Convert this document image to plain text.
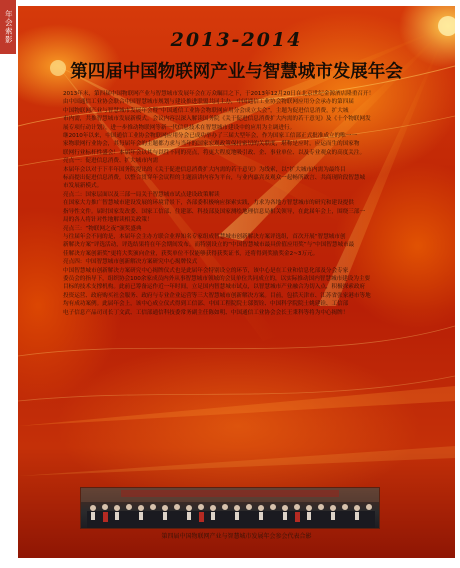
年会索影	2013-2014
第四届中国物联网产业与智慧城市发展年会

2013年末，第四届中国物联网产业与智慧城市发展年会在万众瞩目之下，于2013年12月20日在北京世纪金源酒店隆重召开！

由中国通信工业协会联合中国智慧城市规划与建设推进联盟共同主办，中国通信工业协会物联网应用分会承办的第四届

中国物联网产业与智慧城市发展年会暨“中国通信工业协会物联网应用分会成立大会”，主题为促进信息消费，扩大城

市内需，共推智慧城市发展新模式。会议内容以深入解读国务院《关于促进信息消费扩大内需的若干意见》及《十个物联网发

展专项行动计划》，进一步推动物联网等新一代信息技术在智慧城市建设中的应用为主调进行。

继2010年以来，中国通信工业协会物联网应用分会已成功举办了三届大型年会，作为国家工信部正式批准成立的唯一一

家物联网行业协会，其每届年会的主题都力求与当年的国家宏观政策保持密切的关联度，堪称是应时，应运而生的国家物

联网行业标杆性盛会！本届年会以其与以往不同的亮点，将更大程度地吸引政、企、事业单位、以及专业观众的高度关注。

亮点一：促进信息消费、扩大城市内需

本届年会以对于下半年国务院提出的《关于促进信息消费扩大内需的若干意见》为线索，以“扩大城市内需为最终目

标而提出促进信息消费，以整合贯穿年会议程的主题演讲内容为平台，与业内嘉宾及观众一起畅所欲言、共商现阶段智慧城

市发展新模式。

亮点二：国家层面以及三部一局关于智慧城市试点建设政策解读

在国家大力推广智慧城市建设发展的环境背景下，各部委积极响应探索实践，力求为各地方智慧城市的研究和建设提供

指导性文件。届时国家发改委、国家工信部、住建部、科技部及国家测绘地理信息局相关领导，在此届年会上，围绕三部一

局的各人将针对性地解读相关政策！

亮点三：“物联网之夜”颁奖盛典

与往届年会不同的是，本届年会主办方联合业界知名专家组成智慧城市创新解决方案评选组，首次开展“智慧城市创

新解决方案”评选活动，评选结果将在年会期间发布，而特别设立的“中国智慧城市最具价值应用奖”与“中国智慧城市最

佳解决方案创新奖”更将大奖颁向企业，获奖单位不仅能够获得获奖证书，还将得到奖励奖金2~3万元。

亮点四：中国智慧城市创新解决方案研究中心揭牌仪式

中国智慧城市创新解决方案研究中心揭牌仪式也是此届年会特别设立的环节，该中心是在工业和信息化部及分会专家

委员会的指导下，组织协会100余家成员内外从事智慧城市领域的会员单位共同成立的，以实际推动国内智慧城市建设为主要

目标的技术支撑机构。此前已筹备运作近一年时间，立足国内智慧城市试点，以智慧城市产业融合为切入点，积极探索政府

投资运营、政府购买社会服务、政府与专业企业运营等三大智慧城市创新解决方案。目前，包括天津市、江苏省张家港市等地

均有成功案例。此届年会上，该中心成立仪式得到工信部、中国工程院院士邬贺铨、中国科学院院士姚建铨、工信部

电子信息产品司司长丁文武、工信部通信科技委常务副主任陈如明、中国通信工业协会会长王秉科等将为中心揭牌！

第四届中国物联网产业与智慧城市发展年会参会代表合影
